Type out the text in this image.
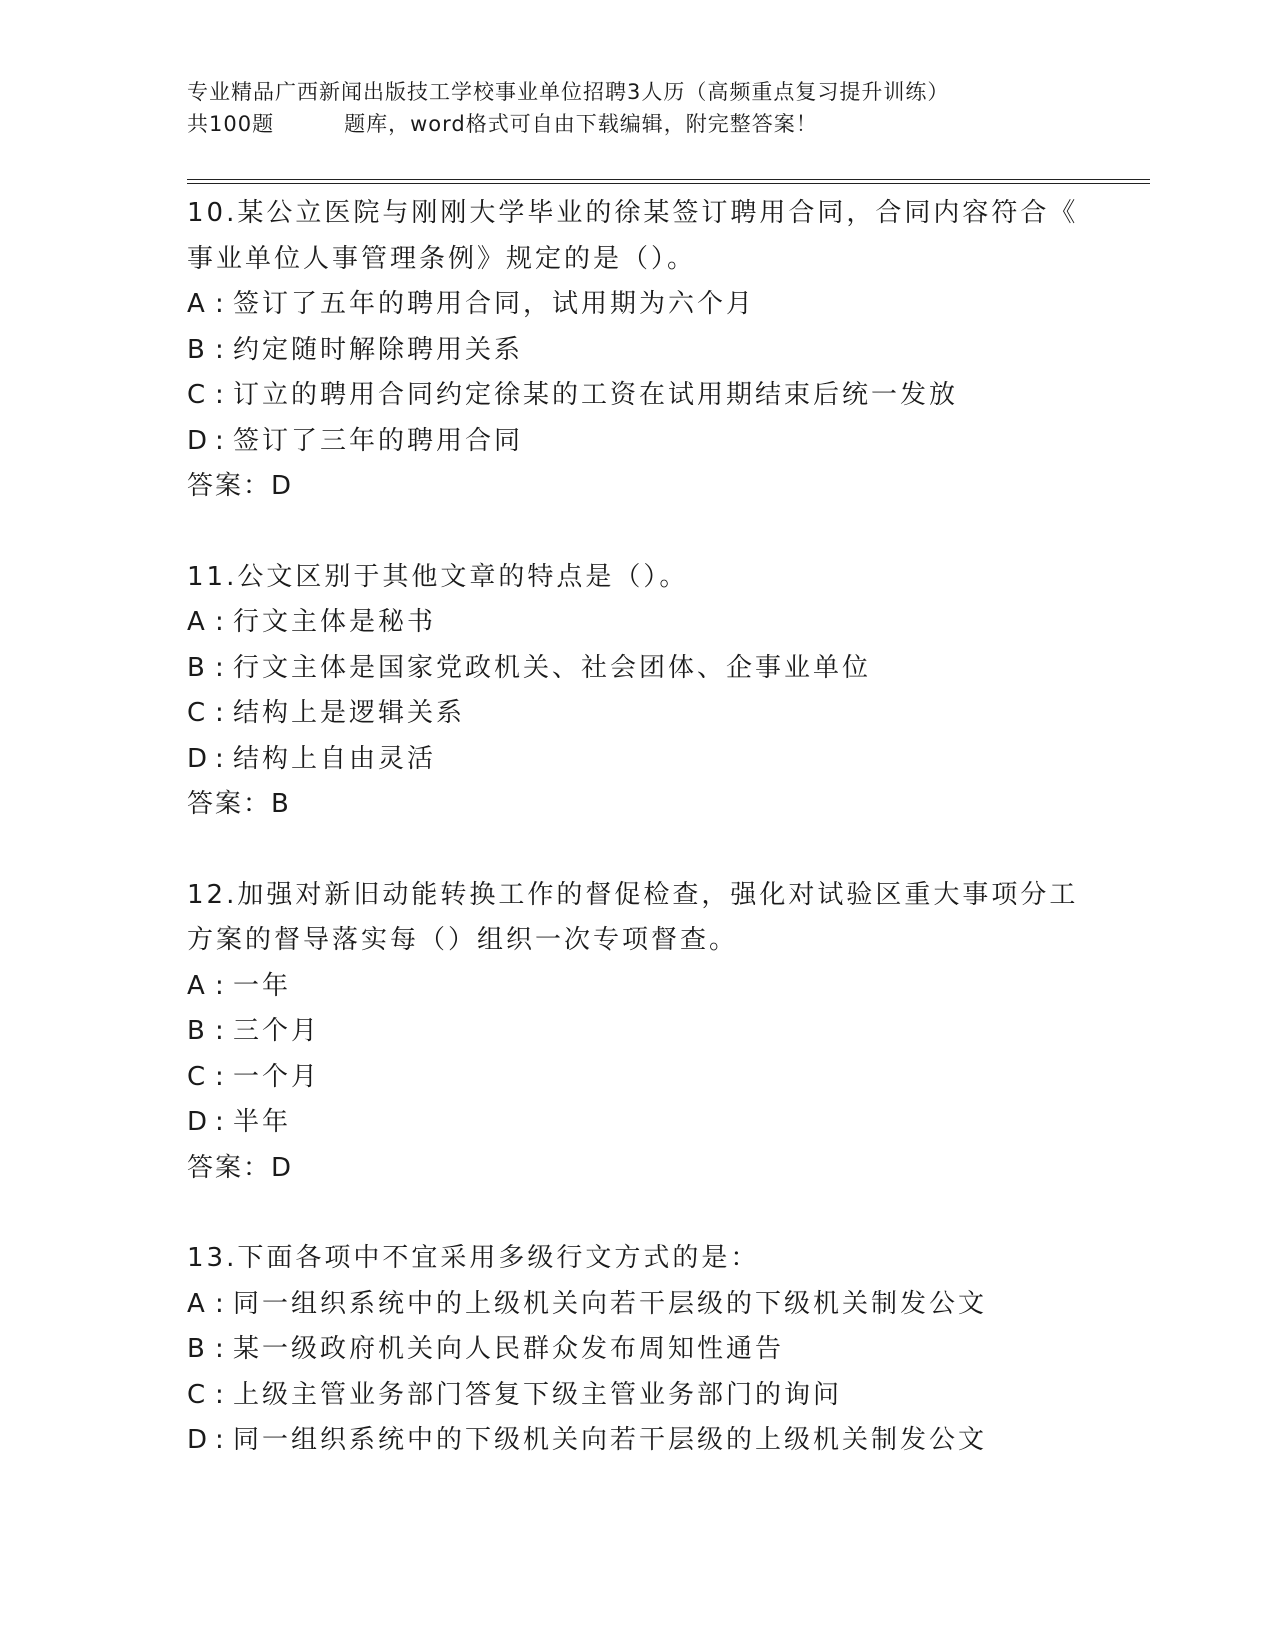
专业精品广西新闻出版技工学校事业单位招聘3人历（高频重点复习提升训练）
共100题	题库，word格式可自由下载编辑，附完整答案！
10.某公立医院与刚刚大学毕业的徐某签订聘用合同，合同内容符合《
事业单位人事管理条例》规定的是（）。
A : 签订了五年的聘用合同，试用期为六个月
B : 约定随时解除聘用关系
C : 订立的聘用合同约定徐某的工资在试用期结束后统一发放
D : 签订了三年的聘用合同
答案：D
11.公文区别于其他文章的特点是（）。
A : 行文主体是秘书
B : 行文主体是国家党政机关、社会团体、企事业单位
C : 结构上是逻辑关系
D : 结构上自由灵活
答案：B
12.加强对新旧动能转换工作的督促检查，强化对试验区重大事项分工
方案的督导落实每（）组织一次专项督查。
A : 一年
B : 三个月
C : 一个月
D : 半年
答案：D
13.下面各项中不宜采用多级行文方式的是：
A : 同一组织系统中的上级机关向若干层级的下级机关制发公文
B : 某一级政府机关向人民群众发布周知性通告
C : 上级主管业务部门答复下级主管业务部门的询问
D : 同一组织系统中的下级机关向若干层级的上级机关制发公文
